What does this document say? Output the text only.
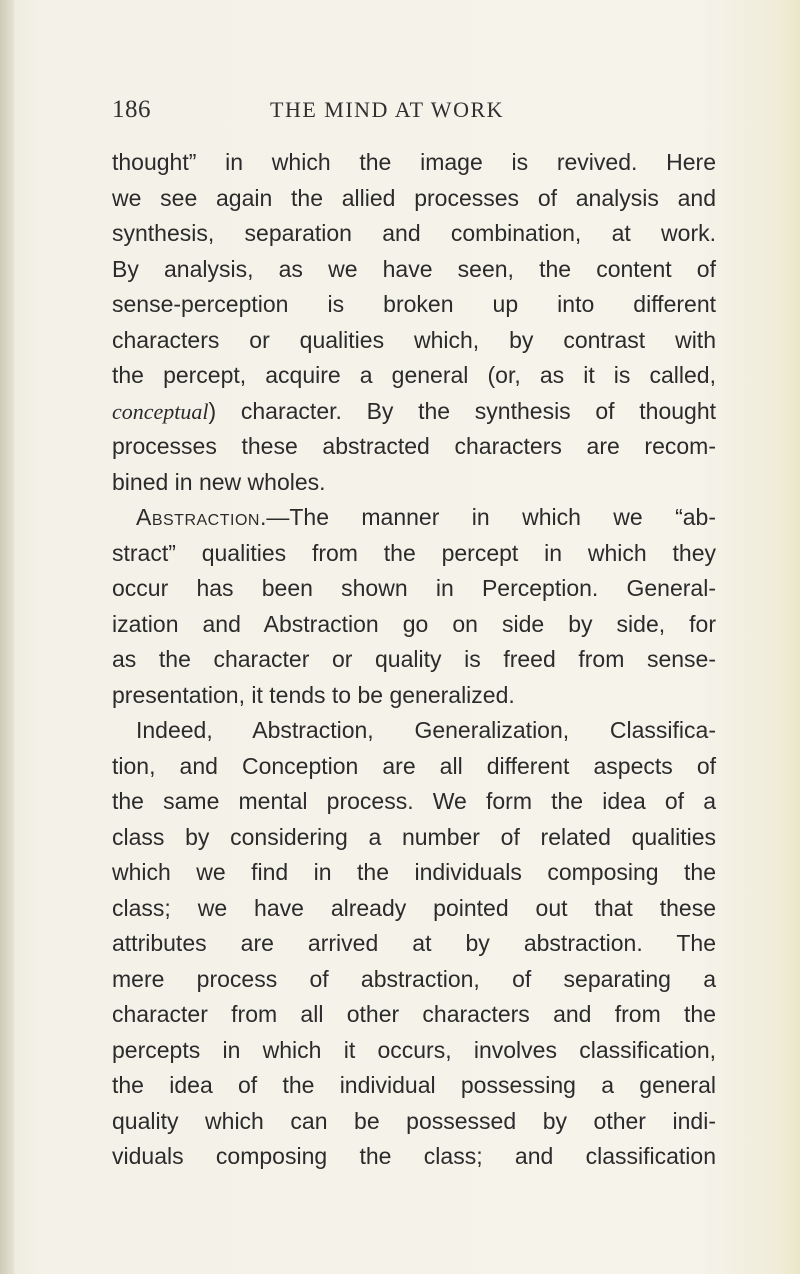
186	THE MIND AT WORK
thought” in which the image is revived. Here
we see again the allied processes of analysis and
synthesis, separation and combination, at work.
By analysis, as we have seen, the content of
sense-perception is broken up into different
characters or qualities which, by contrast with
the percept, acquire a general (or, as it is called,
conceptual) character. By the synthesis of thought
processes these abstracted characters are recom-
bined in new wholes.
Abstraction.—The manner in which we “ab-
stract” qualities from the percept in which they
occur has been shown in Perception. General-
ization and Abstraction go on side by side, for
as the character or quality is freed from sense-
presentation, it tends to be generalized.
Indeed, Abstraction, Generalization, Classifica-
tion, and Conception are all different aspects of
the same mental process. We form the idea of a
class by considering a number of related qualities
which we find in the individuals composing the
class; we have already pointed out that these
attributes are arrived at by abstraction. The
mere process of abstraction, of separating a
character from all other characters and from the
percepts in which it occurs, involves classification,
the idea of the individual possessing a general
quality which can be possessed by other indi-
viduals composing the class; and classification
